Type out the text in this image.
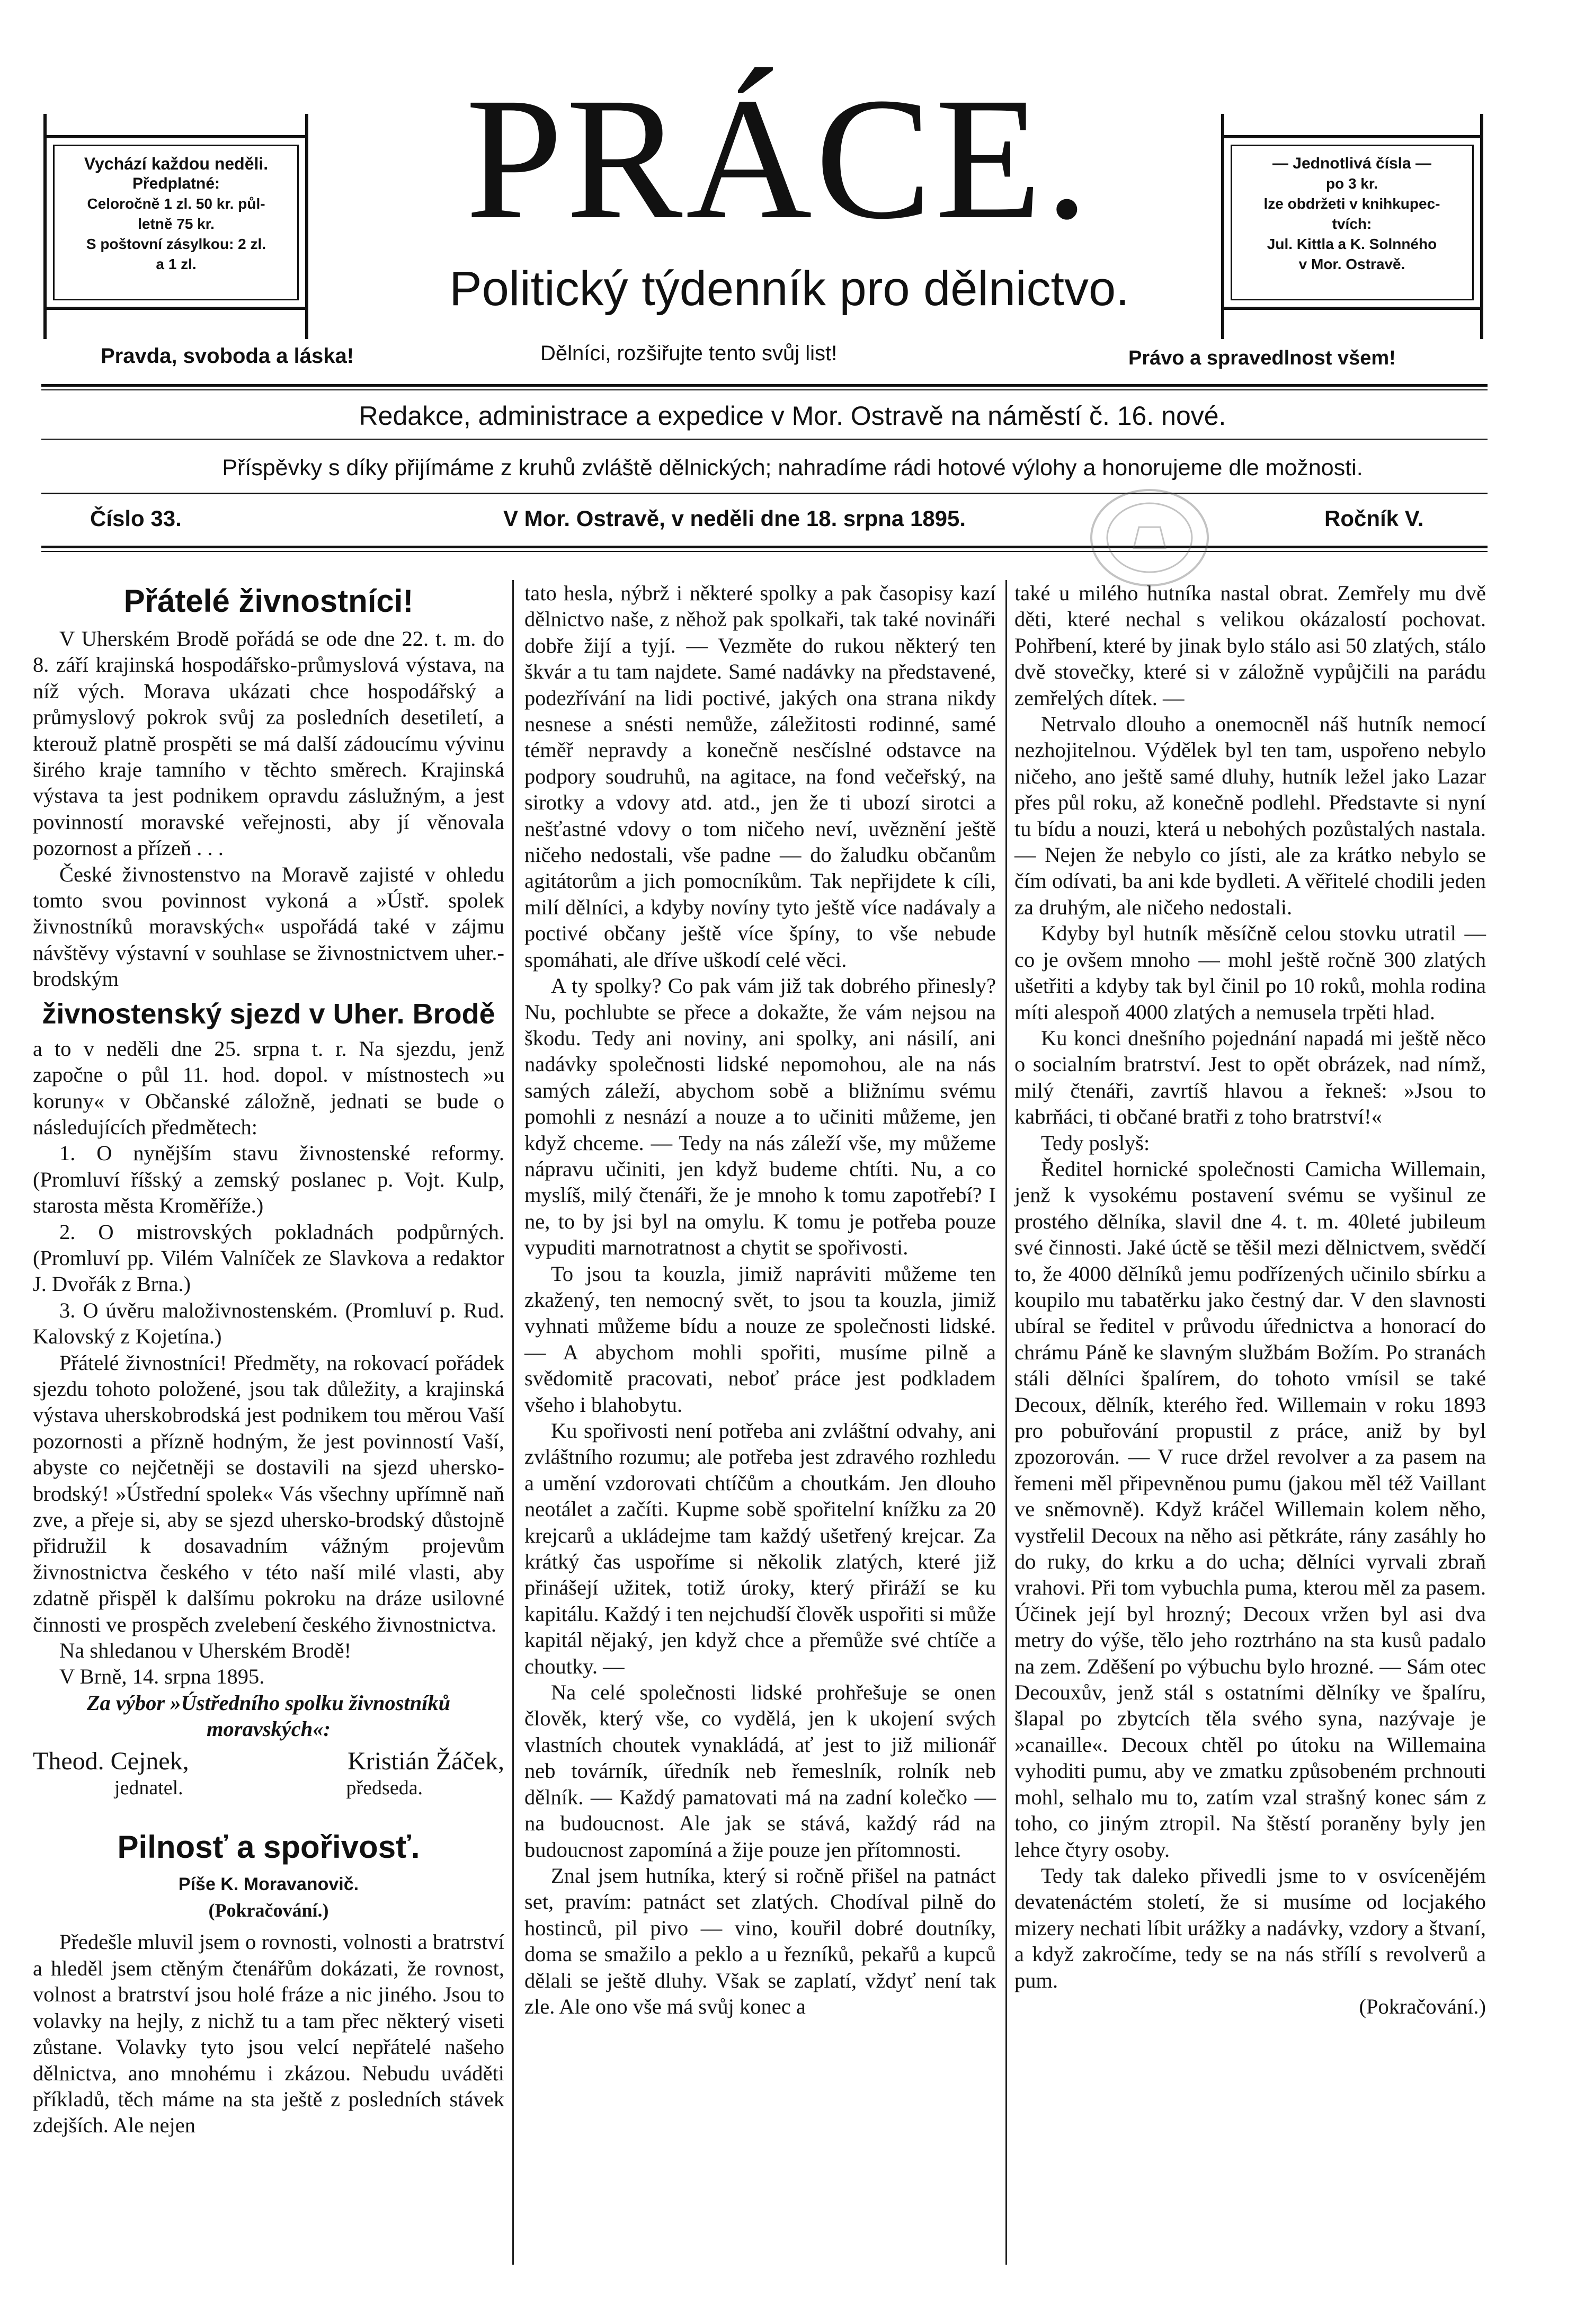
Vychází každou neděli.

Předplatné:

Celoročně 1 zl. 50 kr. půl-

letně 75 kr.

S poštovní zásylkou: 2 zl.

a 1 zl.

— Jednotlivá čísla —

po 3 kr.

lze obdržeti v knihkupec-

tvích:

Jul. Kittla a K. Solnného

v Mor. Ostravě.

PRÁCE.
Politický týdenník pro dělnictvo.
Pravda, svoboda a láska!	Dělníci, rozšiřujte tento svůj list!	Právo a spravedlnost všem!
Redakce, administrace a expedice v Mor. Ostravě na náměstí č. 16. nové.
Příspěvky s díky přijímáme z kruhů zvláště dělnických; nahradíme rádi hotové výlohy a honorujeme dle možnosti.
Číslo 33.	V Mor. Ostravě, v neděli dne 18. srpna 1895.	Ročník V.
Přátelé živnostníci!

V Uherském Brodě pořádá se ode dne 22. t. m. do 8. září krajinská hospodářsko-průmyslová výstava, na níž vých. Morava ukázati chce hospodářský a průmyslový pokrok svůj za posledních desetiletí, a kterouž platně prospěti se má další zádoucímu vývinu širého kraje tamního v těchto směrech. Krajinská výstava ta jest podnikem opravdu záslužným, a jest povinností moravské veřejnosti, aby jí věnovala pozornost a přízeň . . .

České živnostenstvo na Moravě zajisté v ohledu tomto svou povinnost vykoná a »Ústř. spolek živnostníků moravských« uspořádá také v zájmu návštěvy výstavní v souhlase se živnostnictvem uher.-brodským

živnostenský sjezd v Uher. Brodě

a to v neděli dne 25. srpna t. r. Na sjezdu, jenž započne o půl 11. hod. dopol. v místnostech »u koruny« v Občanské záložně, jednati se bude o následujících předmětech:

1. O nynějším stavu živnostenské reformy. (Promluví říšský a zemský poslanec p. Vojt. Kulp, starosta města Kroměříže.)

2. O mistrovských pokladnách podpůrných. (Promluví pp. Vilém Valníček ze Slavkova a redaktor J. Dvořák z Brna.)

3. O úvěru maloživnostenském. (Promluví p. Rud. Kalovský z Kojetína.)

Přátelé živnostníci! Předměty, na rokovací pořádek sjezdu tohoto položené, jsou tak důležity, a krajinská výstava uherskobrodská jest podnikem tou měrou Vaší pozornosti a přízně hodným, že jest povinností Vaší, abyste co nejčetněji se dostavili na sjezd uhersko-brodský! »Ústřední spolek« Vás všechny upřímně naň zve, a přeje si, aby se sjezd uhersko-brodský důstojně přidružil k dosavadním vážným projevům živnostnictva českého v této naší milé vlasti, aby zdatně přispěl k dalšímu pokroku na dráze usilovné činnosti ve prospěch zvelebení českého živnostnictva.

Na shledanou v Uherském Brodě!

V Brně, 14. srpna 1895.

Za výbor »Ústředního spolku živnostníků moravských«:

Theod. Cejnek,	Kristián Žáček,
jednatel.	předseda.
Pilnosť a spořivosť.

Píše K. Moravanovič.

(Pokračování.)

Předešle mluvil jsem o rovnosti, volnosti a bratrství a hleděl jsem ctěným čtenářům dokázati, že rovnost, volnost a bratrství jsou holé fráze a nic jiného. Jsou to volavky na hejly, z nichž tu a tam přec některý viseti zůstane. Volavky tyto jsou velcí nepřátelé našeho dělnictva, ano mnohému i zkázou. Nebudu uváděti příkladů, těch máme na sta ještě z posledních stávek zdejších. Ale nejen

tato hesla, nýbrž i některé spolky a pak časopisy kazí dělnictvo naše, z něhož pak spolkaři, tak také novináři dobře žijí a tyjí. — Vezměte do rukou některý ten škvár a tu tam najdete. Samé nadávky na představené, podezřívání na lidi poctivé, jakých ona strana nikdy nesnese a snésti nemůže, záležitosti rodinné, samé téměř nepravdy a konečně nesčíslné odstavce na podpory soudruhů, na agitace, na fond večeřský, na sirotky a vdovy atd. atd., jen že ti ubozí sirotci a nešťastné vdovy o tom ničeho neví, uvěznění ještě ničeho nedostali, vše padne — do žaludku občanům agitátorům a jich pomocníkům. Tak nepřijdete k cíli, milí dělníci, a kdyby novíny tyto ještě více nadávaly a poctivé občany ještě více špíny, to vše nebude spomáhati, ale dříve uškodí celé věci.

A ty spolky? Co pak vám již tak dobrého přinesly? Nu, pochlubte se přece a dokažte, že vám nejsou na škodu. Tedy ani noviny, ani spolky, ani násilí, ani nadávky společnosti lidské nepomohou, ale na nás samých záleží, abychom sobě a bližnímu svému pomohli z nesnází a nouze a to učiniti můžeme, jen když chceme. — Tedy na nás záleží vše, my můžeme nápravu učiniti, jen když budeme chtíti. Nu, a co myslíš, milý čtenáři, že je mnoho k tomu zapotřebí? I ne, to by jsi byl na omylu. K tomu je potřeba pouze vypuditi marnotratnost a chytit se spořivosti.

To jsou ta kouzla, jimiž napráviti můžeme ten zkažený, ten nemocný svět, to jsou ta kouzla, jimiž vyhnati můžeme bídu a nouze ze společnosti lidské. — A abychom mohli spořiti, musíme pilně a svědomitě pracovati, neboť práce jest podkladem všeho i blahobytu.

Ku spořivosti není potřeba ani zvláštní odvahy, ani zvláštního rozumu; ale potřeba jest zdravého rozhledu a umění vzdorovati chtíčům a choutkám. Jen dlouho neotálet a začíti. Kupme sobě spořitelní knížku za 20 krejcarů a ukládejme tam každý ušetřený krejcar. Za krátký čas uspoříme si několik zlatých, které již přinášejí užitek, totiž úroky, který přiráží se ku kapitálu. Každý i ten nejchudší člověk uspořiti si může kapitál nějaký, jen když chce a přemůže své chtíče a choutky. —

Na celé společnosti lidské prohřešuje se onen člověk, který vše, co vydělá, jen k ukojení svých vlastních choutek vynakládá, ať jest to již milionář neb továrník, úředník neb řemeslník, rolník neb dělník. — Každý pamatovati má na zadní kolečko — na budoucnost. Ale jak se stává, každý rád na budoucnost zapomíná a žije pouze jen přítomnosti.

Znal jsem hutníka, který si ročně přišel na patnáct set, pravím: patnáct set zlatých. Chodíval pilně do hostinců, pil pivo — vino, kouřil dobré doutníky, doma se smažilo a peklo a u řezníků, pekařů a kupců dělali se ještě dluhy. Však se zaplatí, vždyť není tak zle. Ale ono vše má svůj konec a

také u milého hutníka nastal obrat. Zemřely mu dvě děti, které nechal s velikou okázalostí pochovat. Pohřbení, které by jinak bylo stálo asi 50 zlatých, stálo dvě stovečky, které si v záložně vypůjčili na parádu zemřelých dítek. —

Netrvalo dlouho a onemocněl náš hutník nemocí nezhojitelnou. Výdělek byl ten tam, uspořeno nebylo ničeho, ano ještě samé dluhy, hutník ležel jako Lazar přes půl roku, až konečně podlehl. Představte si nyní tu bídu a nouzi, která u nebohých pozůstalých nastala. — Nejen že nebylo co jísti, ale za krátko nebylo se čím odívati, ba ani kde bydleti. A věřitelé chodili jeden za druhým, ale ničeho nedostali.

Kdyby byl hutník měsíčně celou stovku utratil — co je ovšem mnoho — mohl ještě ročně 300 zlatých ušetřiti a kdyby tak byl činil po 10 roků, mohla rodina míti alespoň 4000 zlatých a nemusela trpěti hlad.

Ku konci dnešního pojednání napadá mi ještě něco o socialním bratrství. Jest to opět obrázek, nad nímž, milý čtenáři, zavrtíš hlavou a řekneš: »Jsou to kabrňáci, ti občané bratři z toho bratrství!«

Tedy poslyš:

Ředitel hornické společnosti Camicha Willemain, jenž k vysokému postavení svému se vyšinul ze prostého dělníka, slavil dne 4. t. m. 40leté jubileum své činnosti. Jaké úctě se těšil mezi dělnictvem, svědčí to, že 4000 dělníků jemu podřízených učinilo sbírku a koupilo mu tabatěrku jako čestný dar. V den slavnosti ubíral se ředitel v průvodu úřednictva a honorací do chrámu Páně ke slavným službám Božím. Po stranách stáli dělníci špalírem, do tohoto vmísil se také Decoux, dělník, kterého řed. Willemain v roku 1893 pro pobuřování propustil z práce, aniž by byl zpozorován. — V ruce držel revolver a za pasem na řemeni měl připevněnou pumu (jakou měl též Vaillant ve sněmovně). Když kráčel Willemain kolem něho, vystřelil Decoux na něho asi pětkráte, rány zasáhly ho do ruky, do krku a do ucha; dělníci vyrvali zbraň vrahovi. Při tom vybuchla puma, kterou měl za pasem. Účinek její byl hrozný; Decoux vržen byl asi dva metry do výše, tělo jeho roztrháno na sta kusů padalo na zem. Zděšení po výbuchu bylo hrozné. — Sám otec Decouxův, jenž stál s ostatními dělníky ve špalíru, šlapal po zbytcích těla svého syna, nazývaje je »canaille«. Decoux chtěl po útoku na Willemaina vyhoditi pumu, aby ve zmatku způsobeném prchnouti mohl, selhalo mu to, zatím vzal strašný konec sám z toho, co jiným ztropil. Na štěstí poraněny byly jen lehce čtyry osoby.

Tedy tak daleko přivedli jsme to v osvícenějém devatenáctém století, že si musíme od locjakého mizery nechati líbit urážky a nadávky, vzdory a štvaní, a když zakročíme, tedy se na nás střílí s revolverů a pum.

(Pokračování.)
